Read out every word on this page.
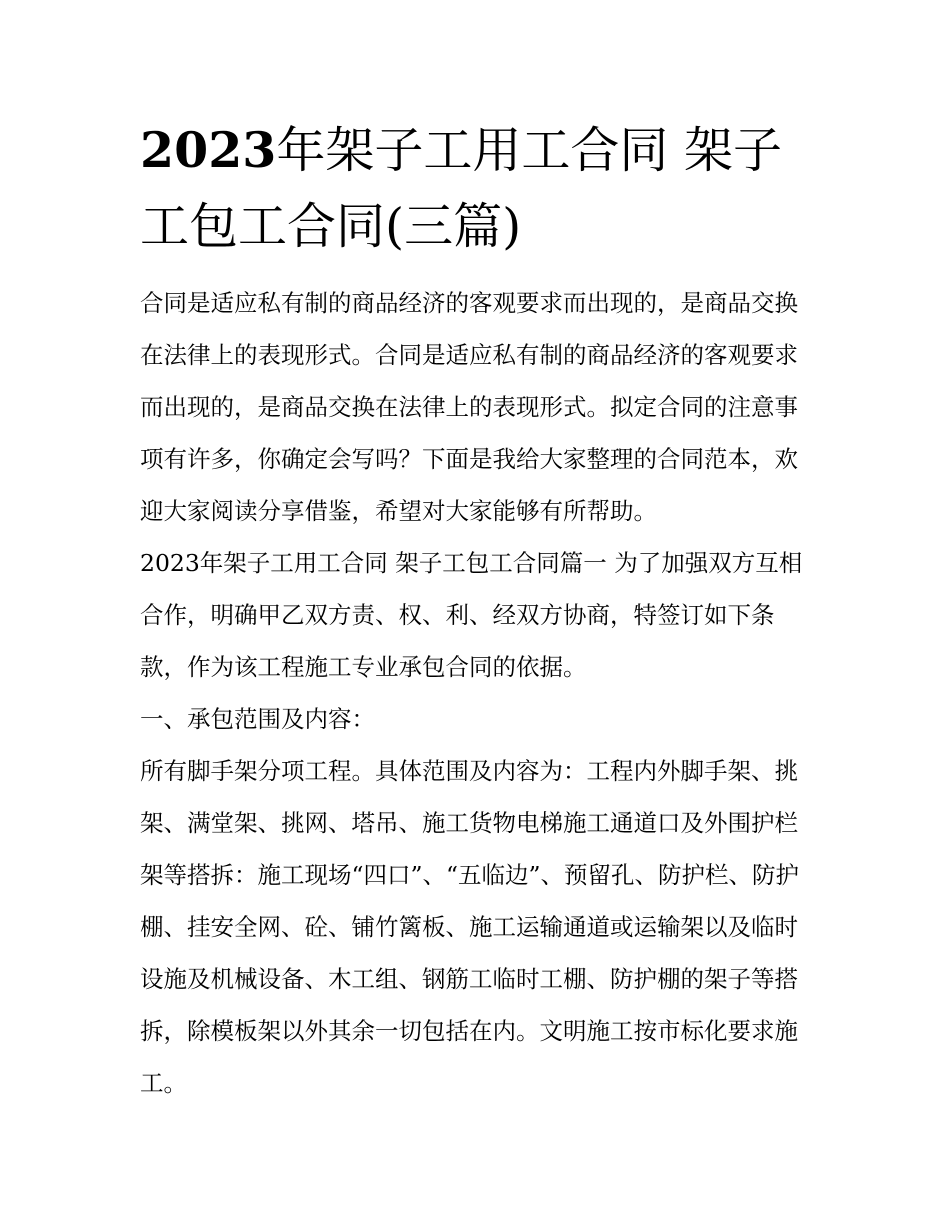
2023年架子工用工合同 架子工包工合同(三篇)

合同是适应私有制的商品经济的客观要求而出现的，是商品交换在法律上的表现形式。合同是适应私有制的商品经济的客观要求而出现的，是商品交换在法律上的表现形式。拟定合同的注意事项有许多，你确定会写吗？下面是我给大家整理的合同范本，欢迎大家阅读分享借鉴，希望对大家能够有所帮助。

2023年架子工用工合同 架子工包工合同篇一 为了加强双方互相合作，明确甲乙双方责、权、利、经双方协商，特签订如下条款，作为该工程施工专业承包合同的依据。

一、承包范围及内容：

所有脚手架分项工程。具体范围及内容为：工程内外脚手架、挑架、满堂架、挑网、塔吊、施工货物电梯施工通道口及外围护栏架等搭拆：施工现场“四口”、“五临边”、预留孔、防护栏、防护棚、挂安全网、砼、铺竹篱板、施工运输通道或运输架以及临时设施及机械设备、木工组、钢筋工临时工棚、防护棚的架子等搭拆，除模板架以外其余一切包括在内。文明施工按市标化要求施工。
